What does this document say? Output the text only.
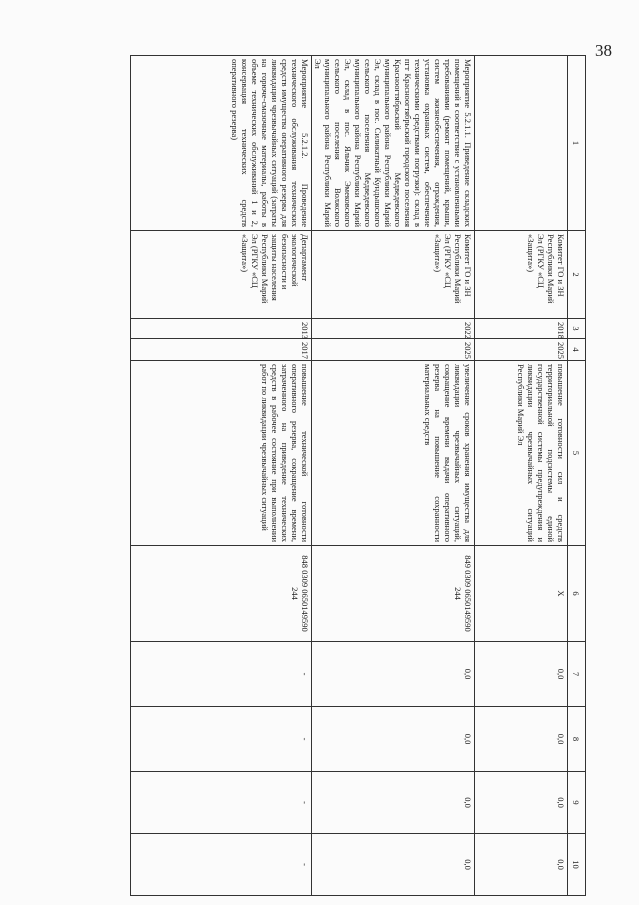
38
1	2	3	4	5	6	7	8	9	10
	Комитет ГО и ЗН Республики Марий Эл (РГКУ «СЦ «Защита»)	2018	2025	повышение готовности сил и средств территориальной подсистемы единой государственной системы предупреждения и ликвидации чрезвычайных ситуаций Республики Марий Эл	X	0,0	0,0	0,0	0,0
Мероприятие 5.2.1.1. Приведение складских помещений в соответствие с установленными требованиями (ремонт помещений, крыши, систем жизнеобеспечения, ограждения, установка охранных систем, обеспечение техническими средствами погрузки): склад в пгт Красноогтябрьский городского поселения Красноогтябрьский Медведевского муниципального района Республики Марий Эл, склад в пос. Силикатный Кундышского сельского поселения Медведевского муниципального района Республики Марий Эл, склад в пос. Яльчик Эмековского сельского поселения Волжского муниципального района Республики Марий Эл	Комитет ГО и ЗН Республики Марий Эл (РГКУ «СЦ «Защита»)	2022	2025	увеличение сроков хранения имущества для ликвидации чрезвычайных ситуаций, сокращение времени выдачи оперативного резерва на повышение сохранности материальных средств	849 0309 0650149590 244	0,0	0,0	0,0	0,0
Мероприятие 5.2.1.2. Проведение технического обслуживания технических средств имущества оперативного резерва для ликвидации чрезвычайных ситуаций (затраты на горюче-смазочные материалы, работы в объеме технических обслуживаний 1 и 2, консервация технических средств оперативного резерва)	Департамент экологической безопасности и защиты населения Республики Марий Эл (РГКУ «СЦ «Защита»)	2013	2017	повышение технической готовности оперативного резерва, сокращение времени, затраченного на приведение технических средств в рабочее состояние при выполнении работ по ликвидации чрезвычайных ситуаций	848 0309 0650149590 244	-	-	-	-
